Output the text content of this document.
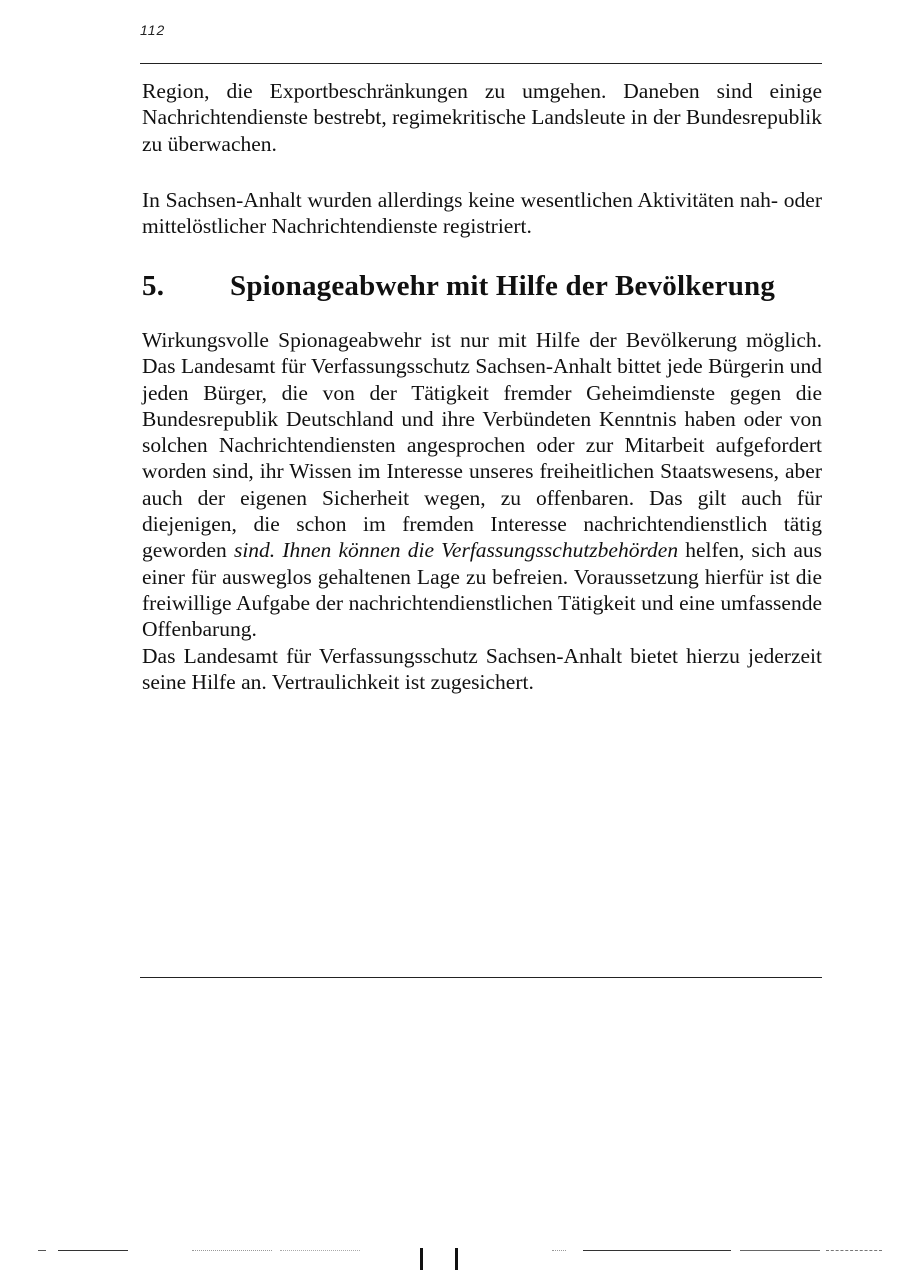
112

Region, die Exportbeschränkungen zu umgehen. Daneben sind einige Nachrichtendienste bestrebt, regimekritische Landsleute in der Bundesrepublik zu überwachen.

In Sachsen-Anhalt wurden allerdings keine wesentlichen Aktivitäten nah- oder mittelöstlicher Nachrichtendienste registriert.

5. Spionageabwehr mit Hilfe der Bevölkerung

Wirkungsvolle Spionageabwehr ist nur mit Hilfe der Bevölkerung möglich. Das Landesamt für Verfassungsschutz Sachsen-Anhalt bittet jede Bürgerin und jeden Bürger, die von der Tätigkeit fremder Geheimdienste gegen die Bundesrepublik Deutschland und ihre Verbündeten Kenntnis haben oder von solchen Nachrichtendiensten angesprochen oder zur Mitarbeit aufgefordert worden sind, ihr Wissen im Interesse unseres freiheitlichen Staatswesens, aber auch der eigenen Sicherheit wegen, zu offenbaren. Das gilt auch für diejenigen, die schon im fremden Interesse nachrichtendienstlich tätig geworden sind. Ihnen können die Verfassungsschutzbehörden helfen, sich aus einer für ausweglos gehaltenen Lage zu befreien. Voraussetzung hierfür ist die freiwillige Aufgabe der nachrichtendienstlichen Tätigkeit und eine umfassende Offenbarung.

Das Landesamt für Verfassungsschutz Sachsen-Anhalt bietet hierzu jederzeit seine Hilfe an. Vertraulichkeit ist zugesichert.
